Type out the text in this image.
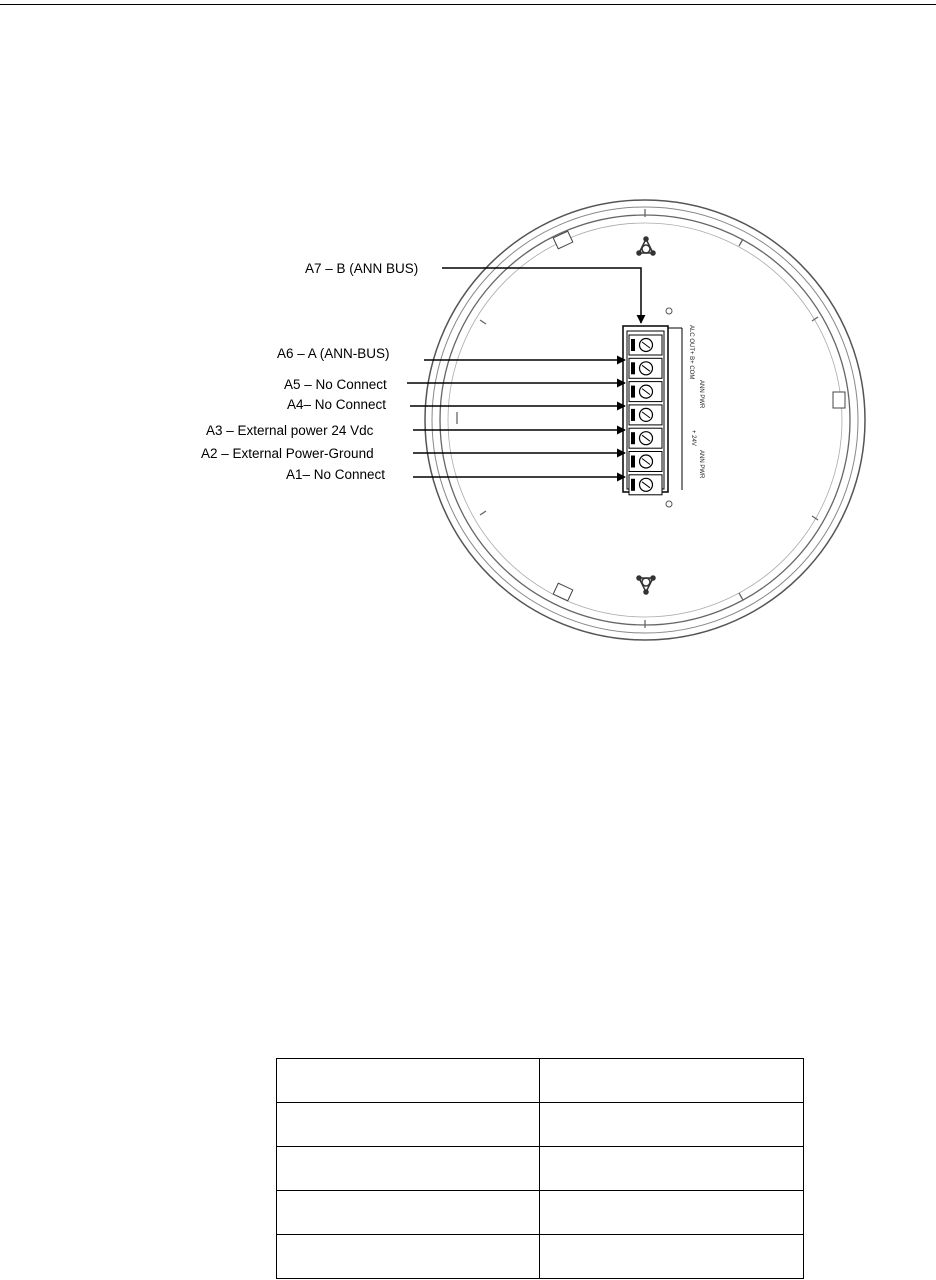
ALC OUT+ B+ COM
ANN PWR
+ 24V
ANN PWR
A7 – B (ANN BUS)
A6 – A (ANN-BUS)
A5 – No Connect
A4– No Connect
A3 – External power 24 Vdc
A2 – External Power-Ground
A1– No Connect
